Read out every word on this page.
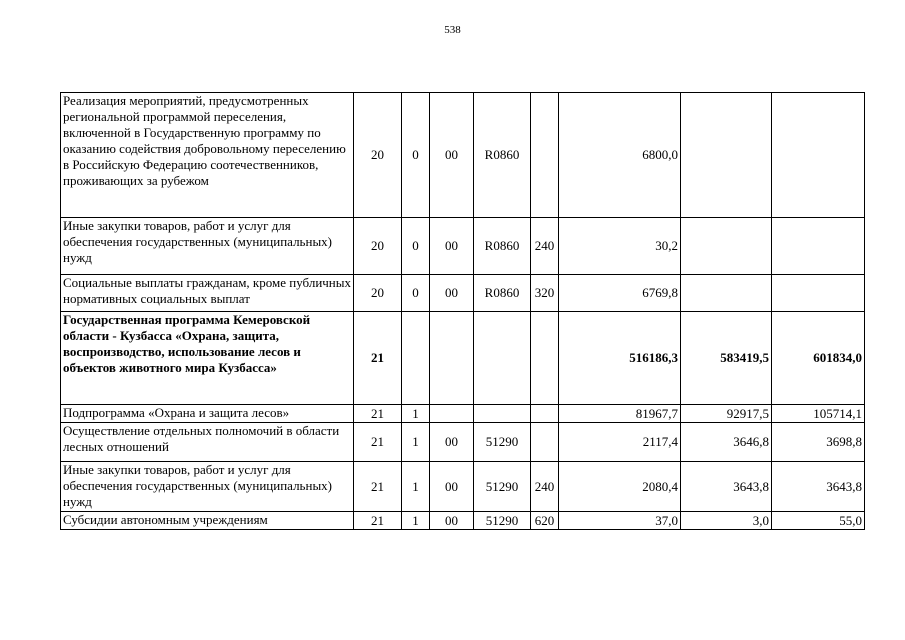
538
Реализация мероприятий, предусмотренных региональной программой переселения, включенной в Государственную программу по оказанию содействия добровольному переселению в Российскую Федерацию соотечественников, проживающих за рубежом	20	0	00	R0860		6800,0		
Иные закупки товаров, работ и услуг для обеспечения государственных (муниципальных) нужд	20	0	00	R0860	240	30,2		
Социальные выплаты гражданам, кроме публичных нормативных социальных выплат	20	0	00	R0860	320	6769,8		
Государственная программа Кемеровской области - Кузбасса «Охрана, защита, воспроизводство, использование лесов и объектов животного мира Кузбасса»	21					516186,3	583419,5	601834,0
Подпрограмма «Охрана и защита лесов»	21	1				81967,7	92917,5	105714,1
Осуществление отдельных полномочий в области лесных отношений	21	1	00	51290		2117,4	3646,8	3698,8
Иные закупки товаров, работ и услуг для обеспечения государственных (муниципальных) нужд	21	1	00	51290	240	2080,4	3643,8	3643,8
Субсидии автономным учреждениям	21	1	00	51290	620	37,0	3,0	55,0
